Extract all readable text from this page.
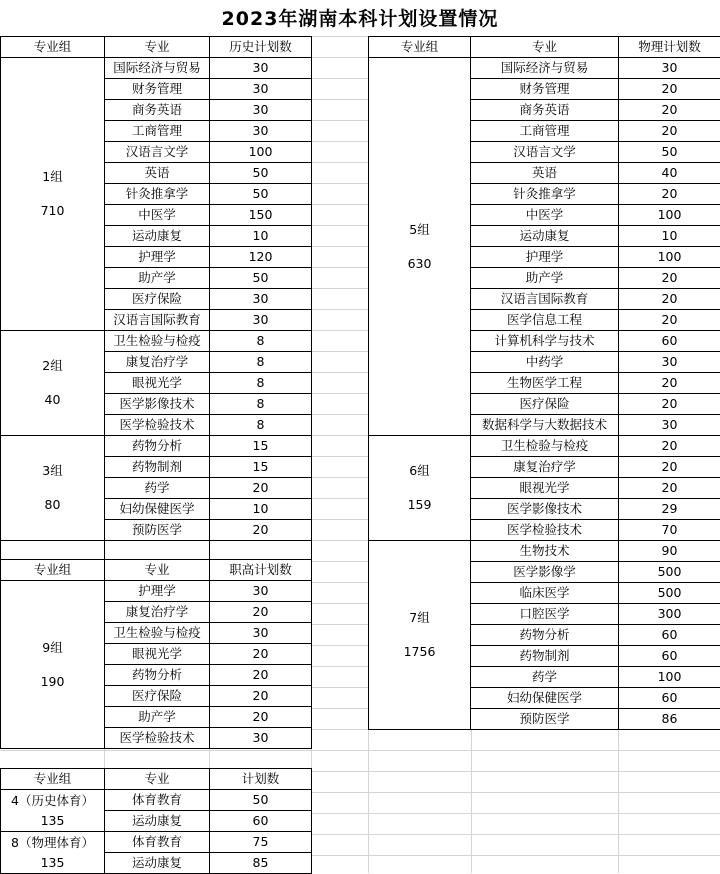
2023年湖南本科计划设置情况
专业组	专业	历史计划数

1组
710	国际经济与贸易	30
	财务管理	30
	商务英语	30
	工商管理	30
	汉语言文学	100
	英语	50
	针灸推拿学	50
	中医学	150
	运动康复	10
	护理学	120
	助产学	50
	医疗保险	30
	汉语言国际教育	30

2组
40	卫生检验与检疫	8
	康复治疗学	8
	眼视光学	8
	医学影像技术	8
	医学检验技术	8

3组
80	药物分析	15
	药物制剂	15
	药学	20
	妇幼保健医学	10
	预防医学	20

专业组	专业	职高计划数

9组
190	护理学	30
	康复治疗学	20
	卫生检验与检疫	30
	眼视光学	20
	药物分析	20
	医疗保险	20
	助产学	20
	医学检验技术	30
专业组	专业	计划数

4（历史体育）
135	体育教育	50
	运动康复	60

8（物理体育）
135	体育教育	75
	运动康复	85
专业组	专业	物理计划数

5组
630	国际经济与贸易	30
	财务管理	20
	商务英语	20
	工商管理	20
	汉语言文学	50
	英语	40
	针灸推拿学	20
	中医学	100
	运动康复	10
	护理学	100
	助产学	20
	汉语言国际教育	20
	医学信息工程	20
	计算机科学与技术	60
	中药学	30
	生物医学工程	20
	医疗保险	20
	数据科学与大数据技术	30

6组
159	卫生检验与检疫	20
	康复治疗学	20
	眼视光学	20
	医学影像技术	29
	医学检验技术	70

7组
1756	生物技术	90
	医学影像学	500
	临床医学	500
	口腔医学	300
	药物分析	60
	药物制剂	60
	药学	100
	妇幼保健医学	60
	预防医学	86
